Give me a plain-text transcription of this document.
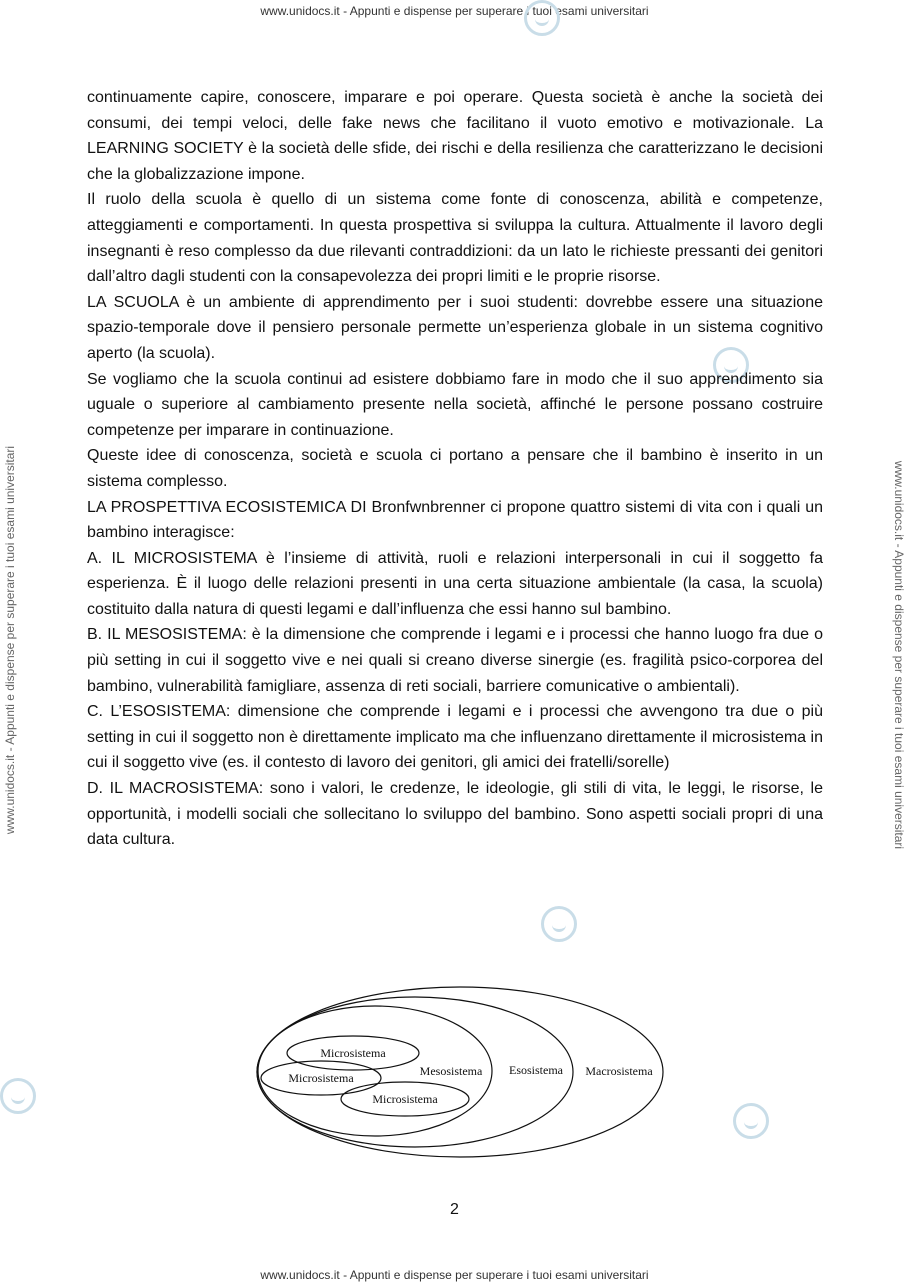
www.unidocs.it - Appunti e dispense per superare i tuoi esami universitari
www.unidocs.it - Appunti e dispense per superare i tuoi esami universitari	www.unidocs.it - Appunti e dispense per superare i tuoi esami universitari

continuamente capire, conoscere, imparare e poi operare. Questa società è anche la società dei consumi, dei tempi veloci, delle fake news che facilitano il vuoto emotivo e motivazionale. La LEARNING SOCIETY è la società delle sfide, dei rischi e della resilienza che caratterizzano le decisioni che la globalizzazione impone.

Il ruolo della scuola è quello di un sistema come fonte di conoscenza, abilità e competenze, atteggiamenti e comportamenti. In questa prospettiva si sviluppa la cultura. Attualmente il lavoro degli insegnanti è reso complesso da due rilevanti contraddizioni: da un lato le richieste pressanti dei genitori dall’altro dagli studenti con la consapevolezza dei propri limiti e le proprie risorse.

LA SCUOLA è un ambiente di apprendimento per i suoi studenti: dovrebbe essere una situazione spazio-temporale dove il pensiero personale permette un’esperienza globale in un sistema cognitivo aperto (la scuola).

Se vogliamo che la scuola continui ad esistere dobbiamo fare in modo che il suo apprendimento sia uguale o superiore al cambiamento presente nella società, affinché le persone possano costruire competenze per imparare in continuazione.

Queste idee di conoscenza, società e scuola ci portano a pensare che il bambino è inserito in un sistema complesso.

LA PROSPETTIVA ECOSISTEMICA DI Bronfwnbrenner ci propone quattro sistemi di vita con i quali un bambino interagisce:

A. IL MICROSISTEMA è l’insieme di attività, ruoli e relazioni interpersonali in cui il soggetto fa esperienza. È il luogo delle relazioni presenti in una certa situazione ambientale (la casa, la scuola) costituito dalla natura di questi legami e dall’influenza che essi hanno sul bambino.

B. IL MESOSISTEMA: è la dimensione che comprende i legami e i processi che hanno luogo fra due o più setting in cui il soggetto vive e nei quali si creano diverse sinergie (es. fragilità psico-corporea del bambino, vulnerabilità famigliare, assenza di reti sociali, barriere comunicative o ambientali).

C. L’ESOSISTEMA: dimensione che comprende i legami e i processi che avvengono tra due o più setting in cui il soggetto non è direttamente implicato ma che influenzano direttamente il microsistema in cui il soggetto vive (es. il contesto di lavoro dei genitori, gli amici dei fratelli/sorelle)

D. IL MACROSISTEMA: sono i valori, le credenze, le ideologie, gli stili di vita, le leggi, le risorse, le opportunità, i modelli sociali che sollecitano lo sviluppo del bambino. Sono aspetti sociali propri di una data cultura.

Microsistema
Microsistema
Microsistema
Mesosistema Esosistema Macrosistema
2
www.unidocs.it - Appunti e dispense per superare i tuoi esami universitari
